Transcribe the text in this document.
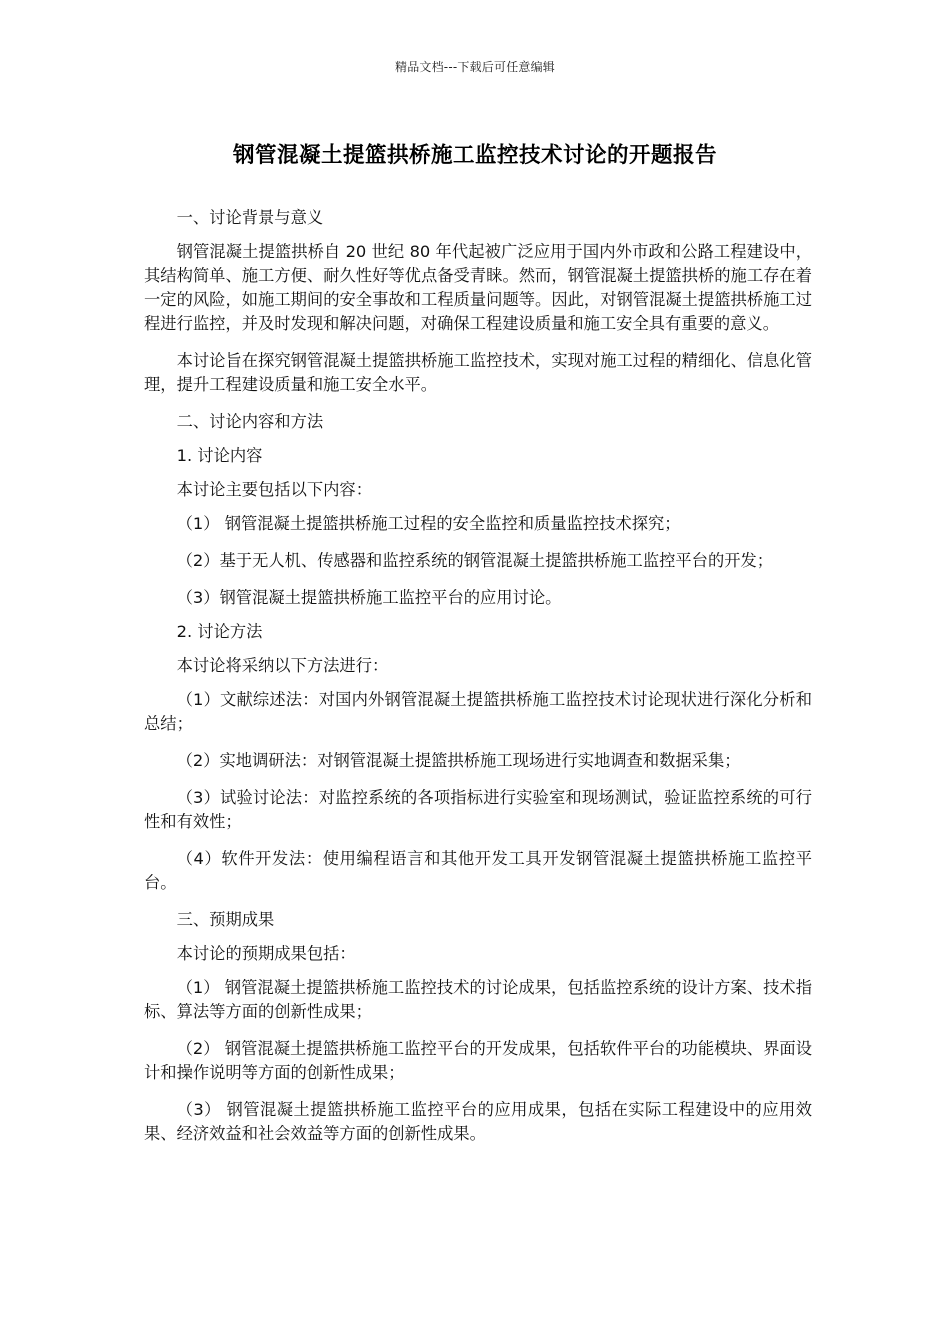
精品文档---下载后可任意编辑
钢管混凝土提篮拱桥施工监控技术讨论的开题报告

一、讨论背景与意义

钢管混凝土提篮拱桥自 20 世纪 80 年代起被广泛应用于国内外市政和公路工程建设中，其结构简单、施工方便、耐久性好等优点备受青睐。然而，钢管混凝土提篮拱桥的施工存在着一定的风险，如施工期间的安全事故和工程质量问题等。因此，对钢管混凝土提篮拱桥施工过程进行监控，并及时发现和解决问题，对确保工程建设质量和施工安全具有重要的意义。

本讨论旨在探究钢管混凝土提篮拱桥施工监控技术，实现对施工过程的精细化、信息化管理，提升工程建设质量和施工安全水平。

二、讨论内容和方法

1. 讨论内容

本讨论主要包括以下内容：

（1） 钢管混凝土提篮拱桥施工过程的安全监控和质量监控技术探究；

（2）基于无人机、传感器和监控系统的钢管混凝土提篮拱桥施工监控平台的开发；

（3）钢管混凝土提篮拱桥施工监控平台的应用讨论。

2. 讨论方法

本讨论将采纳以下方法进行：

（1）文献综述法：对国内外钢管混凝土提篮拱桥施工监控技术讨论现状进行深化分析和总结；

（2）实地调研法：对钢管混凝土提篮拱桥施工现场进行实地调查和数据采集；

（3）试验讨论法：对监控系统的各项指标进行实验室和现场测试，验证监控系统的可行性和有效性；

（4）软件开发法：使用编程语言和其他开发工具开发钢管混凝土提篮拱桥施工监控平台。

三、预期成果

本讨论的预期成果包括：

（1） 钢管混凝土提篮拱桥施工监控技术的讨论成果，包括监控系统的设计方案、技术指标、算法等方面的创新性成果；

（2） 钢管混凝土提篮拱桥施工监控平台的开发成果，包括软件平台的功能模块、界面设计和操作说明等方面的创新性成果；

（3） 钢管混凝土提篮拱桥施工监控平台的应用成果，包括在实际工程建设中的应用效果、经济效益和社会效益等方面的创新性成果。
